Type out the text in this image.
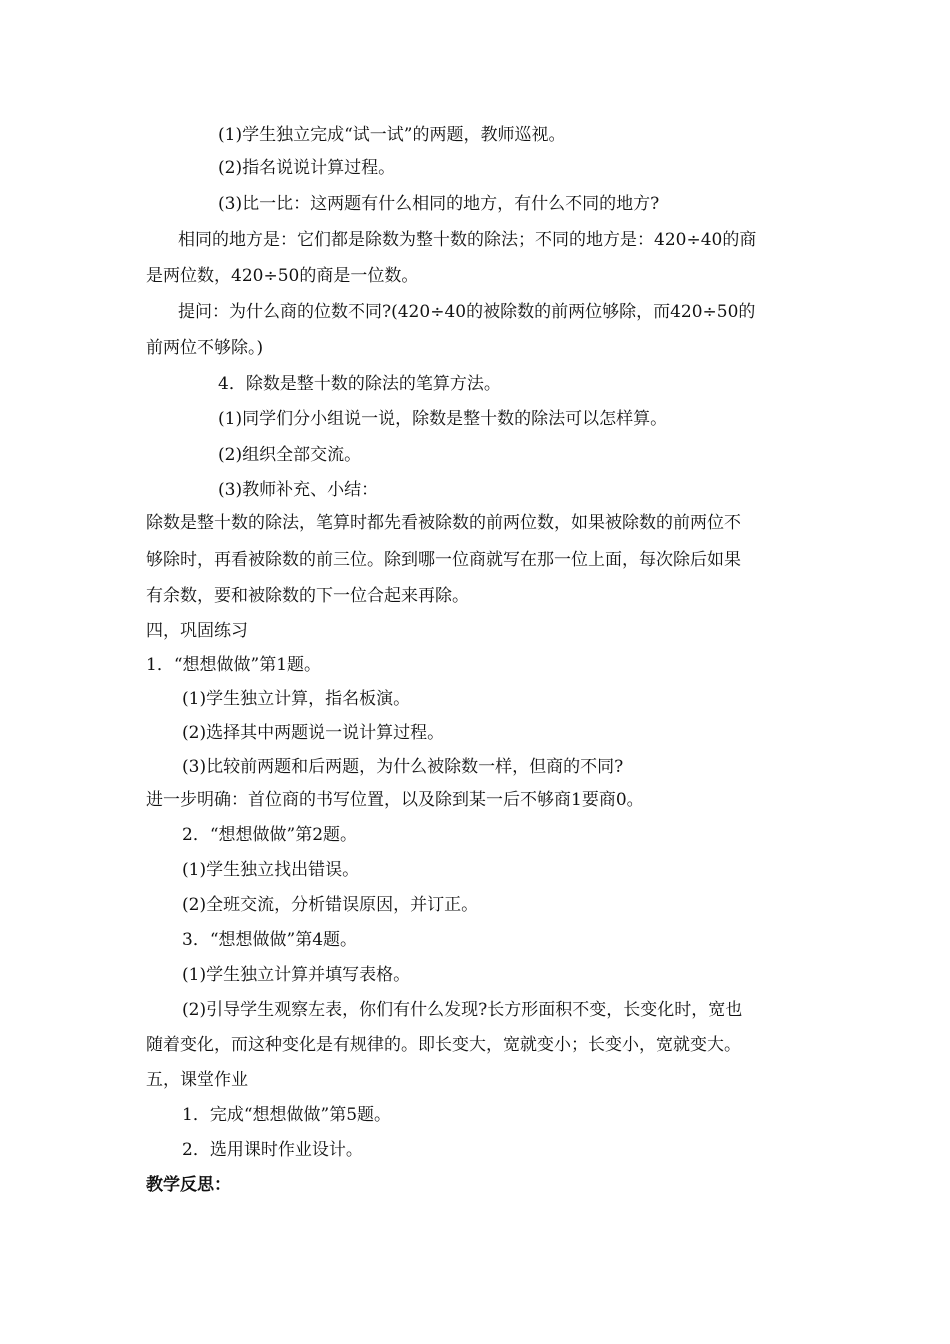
(1)学生独立完成“试一试”的两题，教师巡视。
(2)指名说说计算过程。
(3)比一比：这两题有什么相同的地方，有什么不同的地方?
相同的地方是：它们都是除数为整十数的除法；不同的地方是：420÷40的商
是两位数，420÷50的商是一位数。
提问：为什么商的位数不同?(420÷40的被除数的前两位够除，而420÷50的
前两位不够除。)
4．除数是整十数的除法的笔算方法。
(1)同学们分小组说一说，除数是整十数的除法可以怎样算。
(2)组织全部交流。
(3)教师补充、小结：
除数是整十数的除法，笔算时都先看被除数的前两位数，如果被除数的前两位不
够除时，再看被除数的前三位。除到哪一位商就写在那一位上面，每次除后如果
有余数，要和被除数的下一位合起来再除。
四，巩固练习
1．“想想做做”第1题。
(1)学生独立计算，指名板演。
(2)选择其中两题说一说计算过程。
(3)比较前两题和后两题，为什么被除数一样，但商的不同?
进一步明确：首位商的书写位置，以及除到某一后不够商1要商0。
2．“想想做做”第2题。
(1)学生独立找出错误。
(2)全班交流，分析错误原因，并订正。
3．“想想做做”第4题。
(1)学生独立计算并填写表格。
(2)引导学生观察左表，你们有什么发现?长方形面积不变，长变化时，宽也
随着变化，而这种变化是有规律的。即长变大，宽就变小；长变小，宽就变大。
五，课堂作业
1．完成“想想做做”第5题。
2．选用课时作业设计。
教学反思：
